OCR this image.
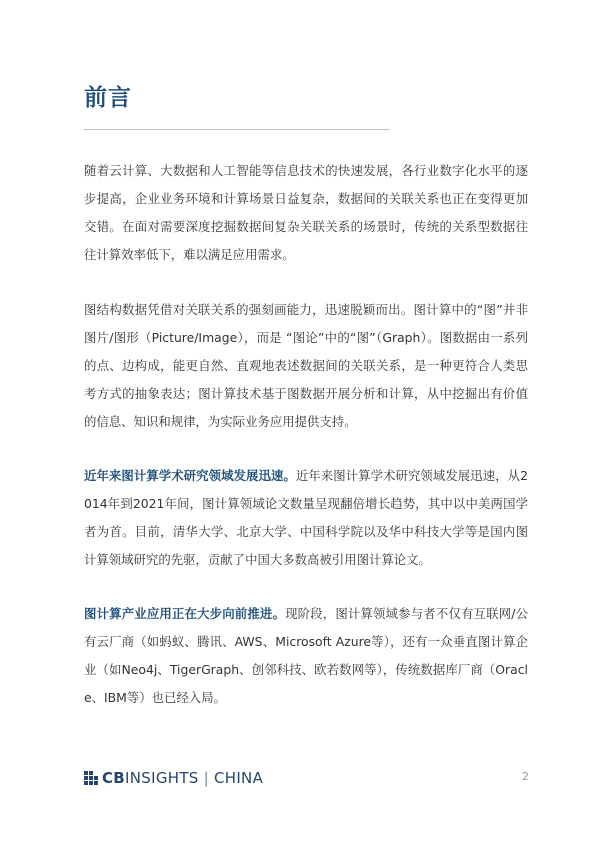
前言

随着云计算、大数据和人工智能等信息技术的快速发展，各行业数字化水平的逐步提高，企业业务环境和计算场景日益复杂，数据间的关联关系也正在变得更加交错。在面对需要深度挖掘数据间复杂关联关系的场景时，传统的关系型数据往往计算效率低下，难以满足应用需求。

图结构数据凭借对关联关系的强刻画能力，迅速脱颖而出。图计算中的“图”并非图片/图形（Picture/Image），而是 “图论”中的“图”（Graph）。图数据由一系列的点、边构成，能更自然、直观地表述数据间的关联关系，是一种更符合人类思考方式的抽象表达；图计算技术基于图数据开展分析和计算，从中挖掘出有价值的信息、知识和规律，为实际业务应用提供支持。

近年来图计算学术研究领域发展迅速。近年来图计算学术研究领域发展迅速，从2014年到2021年间，图计算领域论文数量呈现翻倍增长趋势，其中以中美两国学者为首。目前，清华大学、北京大学、中国科学院以及华中科技大学等是国内图计算领域研究的先驱，贡献了中国大多数高被引用图计算论文。

图计算产业应用正在大步向前推进。现阶段，图计算领域参与者不仅有互联网/公有云厂商（如蚂蚁、腾讯、AWS、Microsoft Azure等），还有一众垂直图计算企业（如Neo4j、TigerGraph、创邻科技、欧若数网等），传统数据库厂商（Oracle、IBM等）也已经入局。

CBINSIGHTS | CHINA	2
